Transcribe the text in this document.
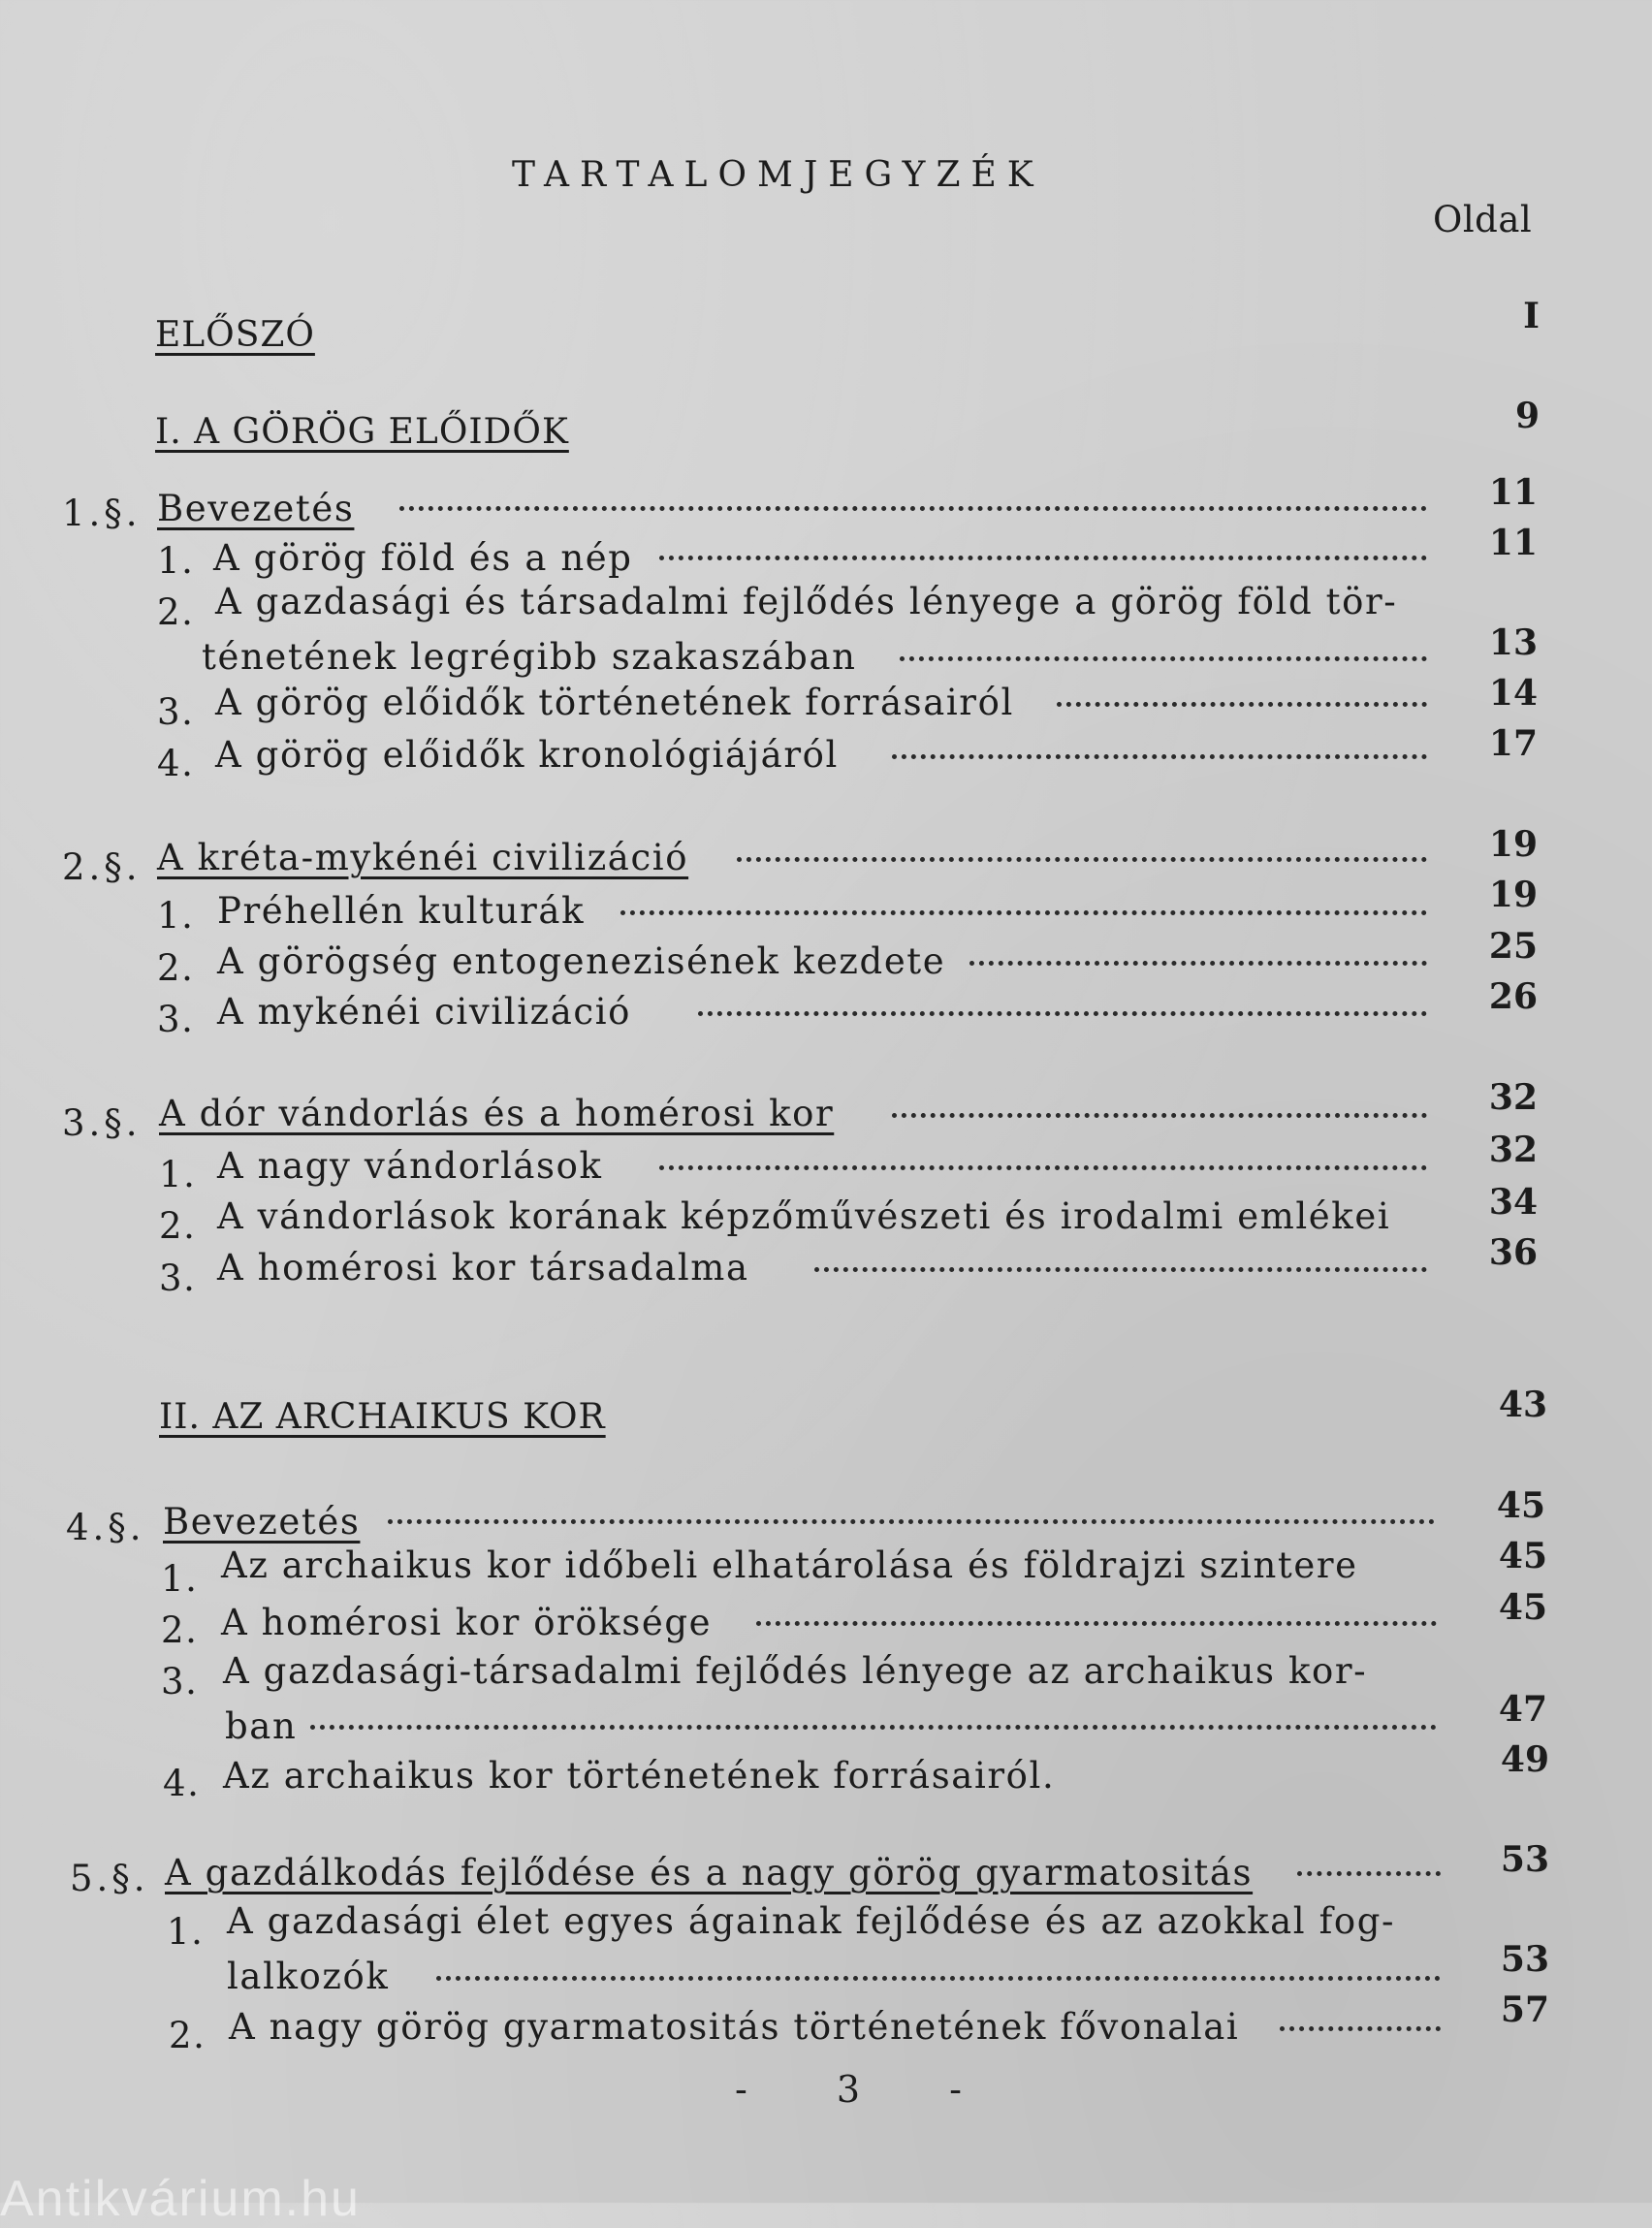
TARTALOMJEGYZÉK
Oldal
ELŐSZÓ	I
I. A GÖRÖG ELŐIDŐK	9
1.§. Bevezetés	11
1. A görög föld és a nép	11
2. A gazdasági és társadalmi fejlődés lényege a görög föld tör-
ténetének legrégibb szakaszában	13
3. A görög előidők történetének forrásairól	14
4. A görög előidők kronológiájáról	17
2.§. A kréta-mykénéi civilizáció	19
1. Préhellén kulturák	19
2. A görögség entogenezisének kezdete	25
3. A mykénéi civilizáció	26
3.§. A dór vándorlás és a homérosi kor	32
1. A nagy vándorlások	32
2. A vándorlások korának képzőművészeti és irodalmi emlékei	34
3. A homérosi kor társadalma	36
II. AZ ARCHAIKUS KOR	43
4.§. Bevezetés	45
1. Az archaikus kor időbeli elhatárolása és földrajzi szintere	45
2. A homérosi kor öröksége	45
3. A gazdasági-társadalmi fejlődés lényege az archaikus kor-
ban	47
4. Az archaikus kor történetének forrásairól.	49
5.§. A gazdálkodás fejlődése és a nagy görög gyarmatositás	53
1. A gazdasági élet egyes ágainak fejlődése és az azokkal fog-
lalkozók	53
2. A nagy görög gyarmatositás történetének fővonalai	57
- 3 -
Antikvárium.hu
